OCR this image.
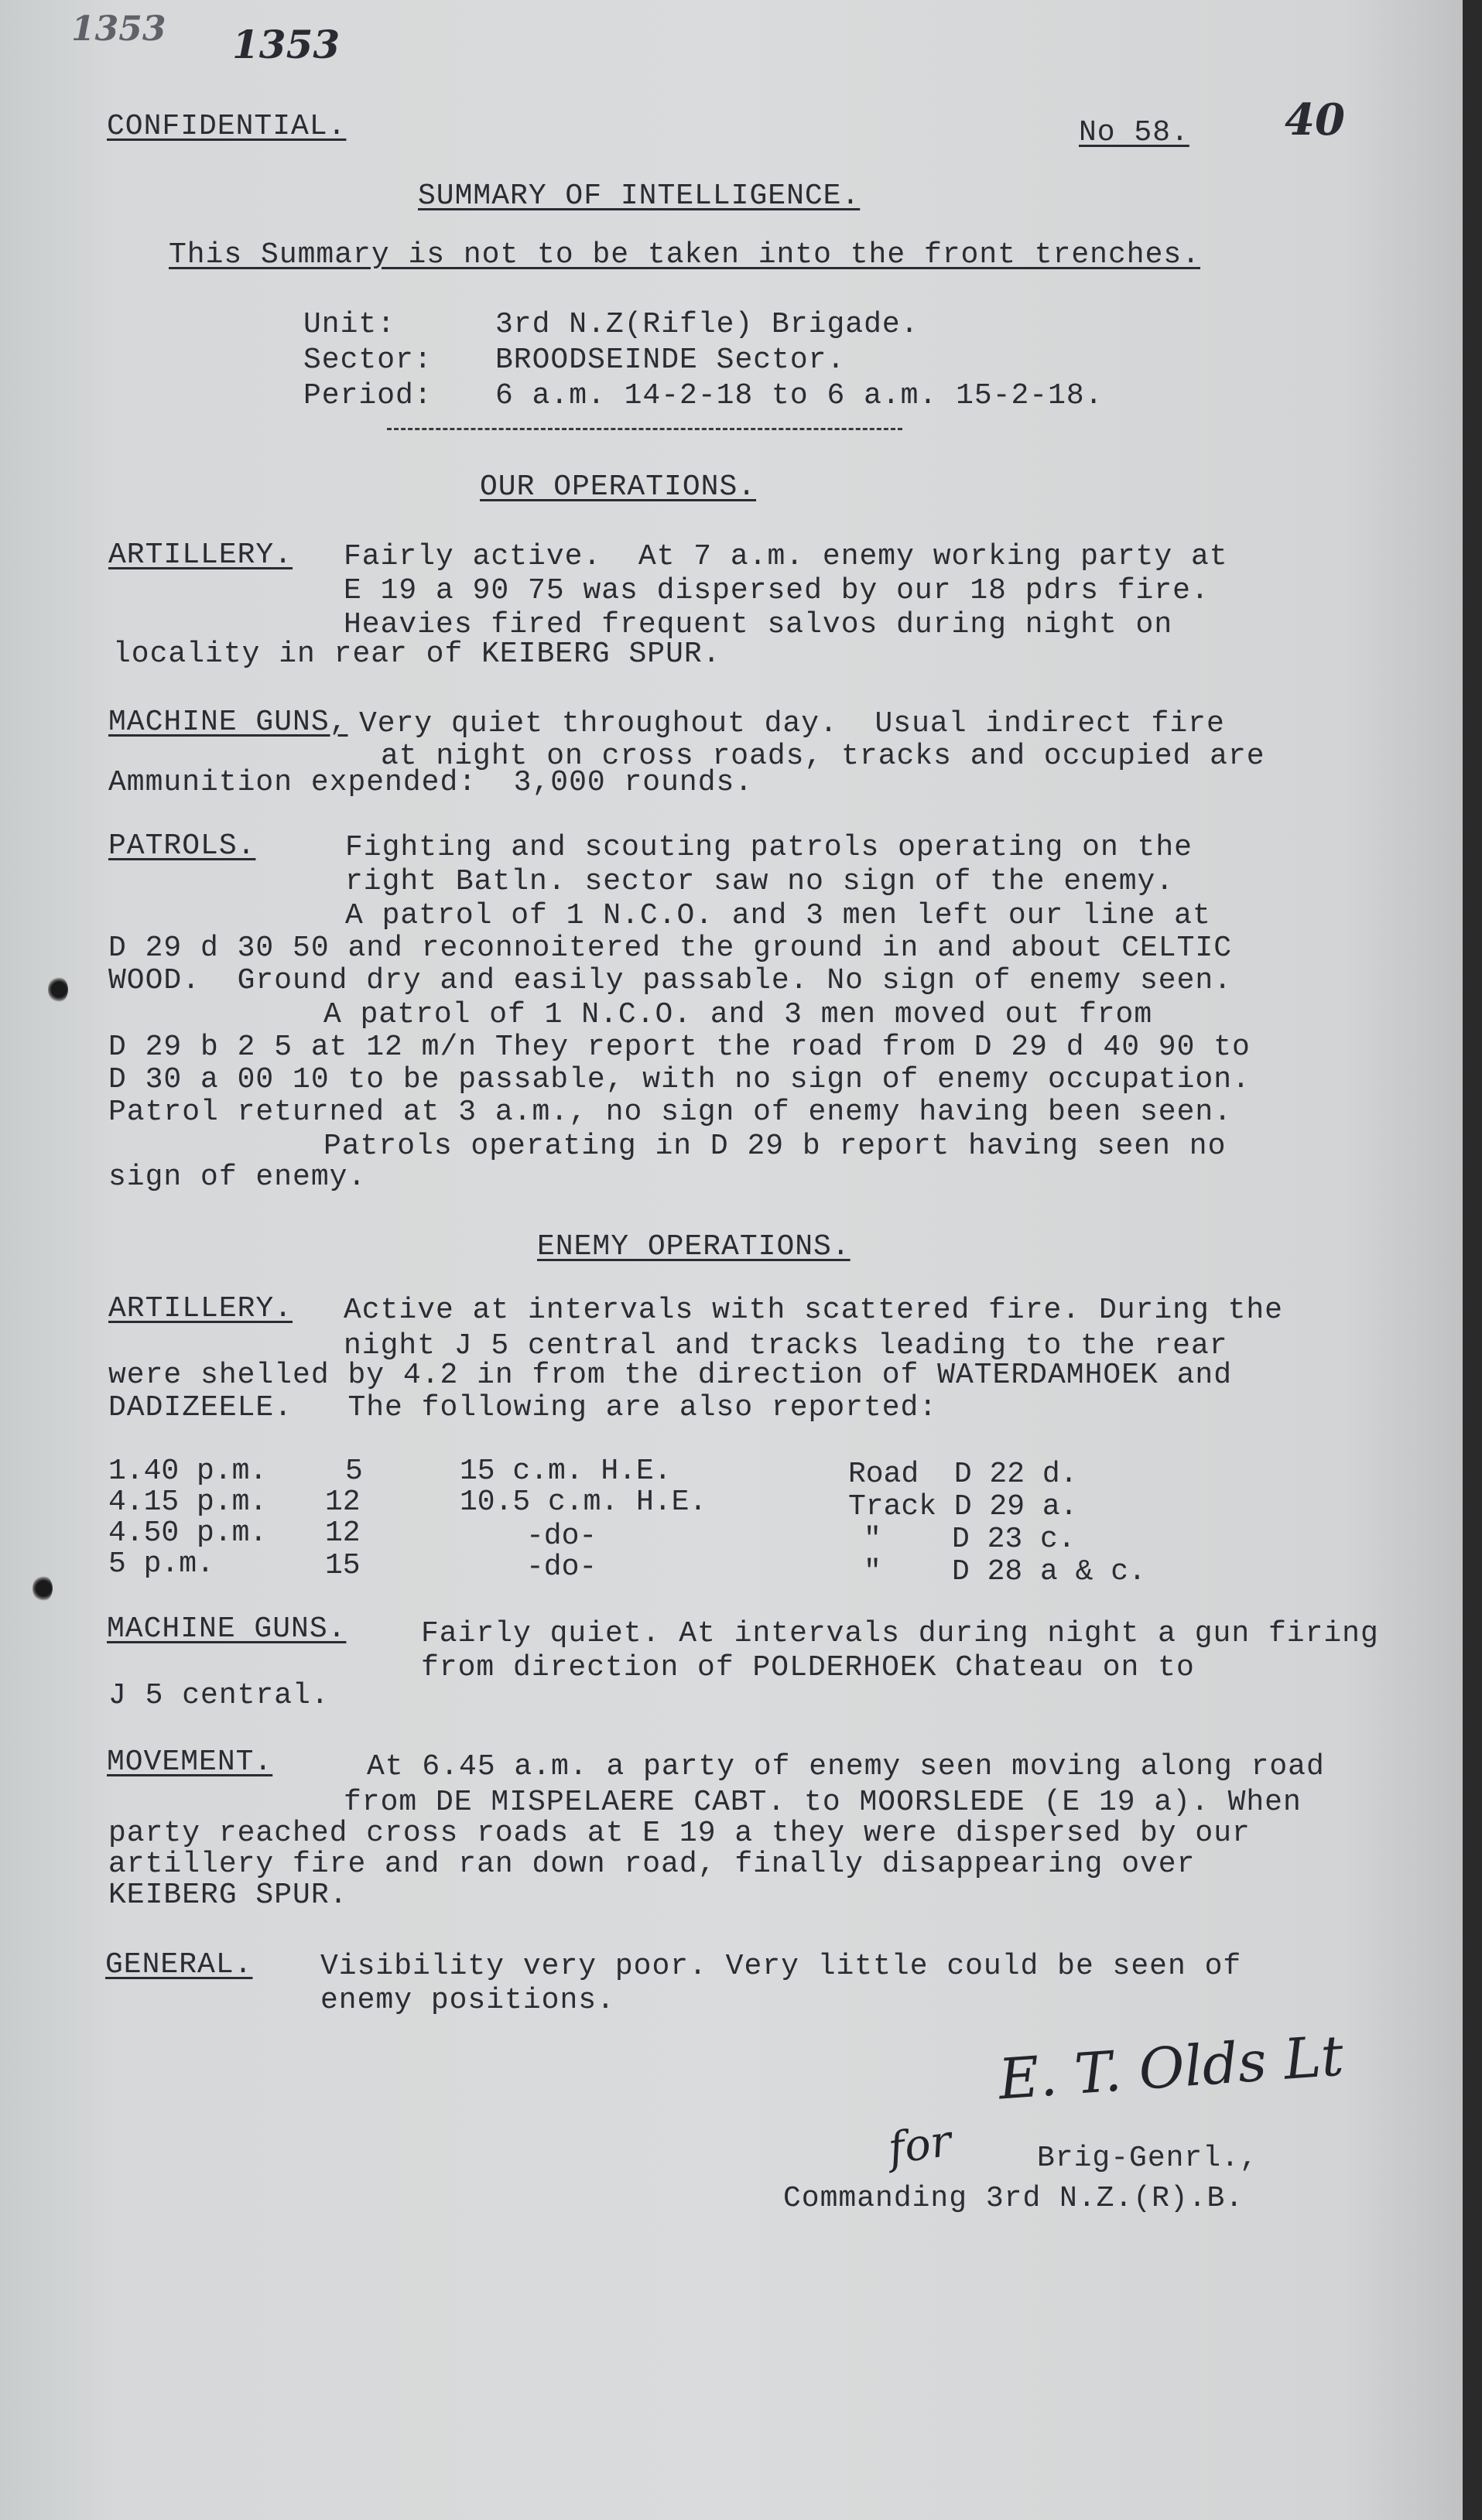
1353 1353
40
CONFIDENTIAL.	No 58.
SUMMARY OF INTELLIGENCE.
This Summary is not to be taken into the front trenches.
Unit:	3rd N.Z(Rifle) Brigade.
Sector: BROODSEINDE Sector.
Period: 6 a.m. 14-2-18 to 6 a.m. 15-2-18.
OUR OPERATIONS.
ARTILLERY. Fairly active.  At 7 a.m. enemy working party at
E 19 a 90 75 was dispersed by our 18 pdrs fire.
Heavies fired frequent salvos during night on
locality in rear of KEIBERG SPUR.
MACHINE GUNS, Very quiet throughout day.  Usual indirect fire
at night on cross roads, tracks and occupied are
Ammunition expended:  3,000 rounds.
PATROLS.	Fighting and scouting patrols operating on the
right Batln. sector saw no sign of the enemy.
A patrol of 1 N.C.O. and 3 men left our line at
D 29 d 30 50 and reconnoitered the ground in and about CELTIC
WOOD.  Ground dry and easily passable. No sign of enemy seen.
A patrol of 1 N.C.O. and 3 men moved out from
D 29 b 2 5 at 12 m/n They report the road from D 29 d 40 90 to
D 30 a 00 10 to be passable, with no sign of enemy occupation.
Patrol returned at 3 a.m., no sign of enemy having been seen.
Patrols operating in D 29 b report having seen no
sign of enemy.
ENEMY OPERATIONS.
ARTILLERY. Active at intervals with scattered fire. During the
night J 5 central and tracks leading to the rear
were shelled by 4.2 in from the direction of WATERDAMHOEK and
DADIZEELE.   The following are also reported:
1.40 p.m.	5	15 c.m. H.E.	Road  D 22 d.
4.15 p.m. 12	10.5 c.m. H.E.	Track D 29 a.
4.50 p.m. 12	-do-	"    D 23 c.
5 p.m.	15	-do-	"    D 28 a & c.
MACHINE GUNS.	Fairly quiet. At intervals during night a gun firing
from direction of POLDERHOEK Chateau on to
J 5 central.
MOVEMENT.	At 6.45 a.m. a party of enemy seen moving along road
from DE MISPELAERE CABT. to MOORSLEDE (E 19 a). When
party reached cross roads at E 19 a they were dispersed by our
artillery fire and ran down road, finally disappearing over
KEIBERG SPUR.
GENERAL. Visibility very poor. Very little could be seen of
enemy positions.
E. T. Olds Lt
for	Brig-Genrl.,
Commanding 3rd N.Z.(R).B.
